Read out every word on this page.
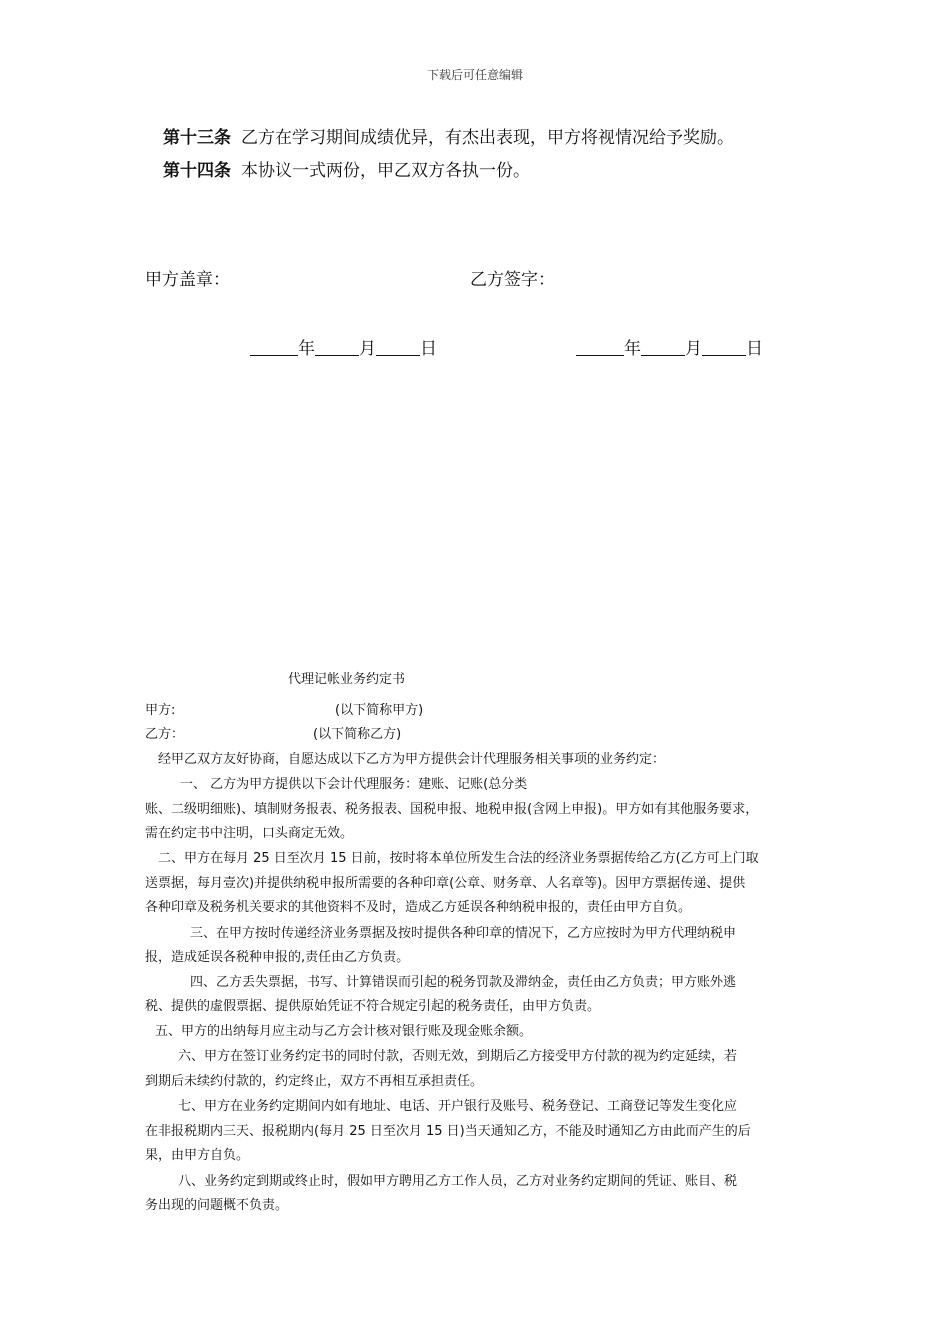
下载后可任意编辑
第十三条 乙方在学习期间成绩优异，有杰出表现，甲方将视情况给予奖励。
第十四条 本协议一式两份，甲乙双方各执一份。
甲方盖章：	乙方签字：
年	月	日	年	月	日
代理记帐业务约定书
甲方:	(以下简称甲方)
乙方：	(以下简称乙方)
经甲乙双方友好协商，自愿达成以下乙方为甲方提供会计代理服务相关事项的业务约定：
一、 乙方为甲方提供以下会计代理服务：建账、记账(总分类
账、二级明细账)、填制财务报表、税务报表、国税申报、地税申报(含网上申报)。甲方如有其他服务要求，
需在约定书中注明，口头商定无效。
二、甲方在每月 25 日至次月 15 日前，按时将本单位所发生合法的经济业务票据传给乙方(乙方可上门取
送票据，每月壹次)并提供纳税申报所需要的各种印章(公章、财务章、人名章等)。因甲方票据传递、提供
各种印章及税务机关要求的其他资料不及时，造成乙方延误各种纳税申报的，责任由甲方自负。
三、在甲方按时传递经济业务票据及按时提供各种印章的情况下，乙方应按时为甲方代理纳税申
报，造成延误各税种申报的,责任由乙方负责。
四、乙方丢失票据，书写、计算错误而引起的税务罚款及滞纳金，责任由乙方负责；甲方账外逃
税、提供的虚假票据、提供原始凭证不符合规定引起的税务责任，由甲方负责。
五、甲方的出纳每月应主动与乙方会计核对银行账及现金账余额。
六、甲方在签订业务约定书的同时付款，否则无效，到期后乙方接受甲方付款的视为约定延续，若
到期后未续约付款的，约定终止，双方不再相互承担责任。
七、甲方在业务约定期间内如有地址、电话、开户银行及账号、税务登记、工商登记等发生变化应
在非报税期内三天、报税期内(每月 25 日至次月 15 日)当天通知乙方，不能及时通知乙方由此而产生的后
果，由甲方自负。
八、业务约定到期或终止时，假如甲方聘用乙方工作人员，乙方对业务约定期间的凭证、账目、税
务出现的问题概不负责。
